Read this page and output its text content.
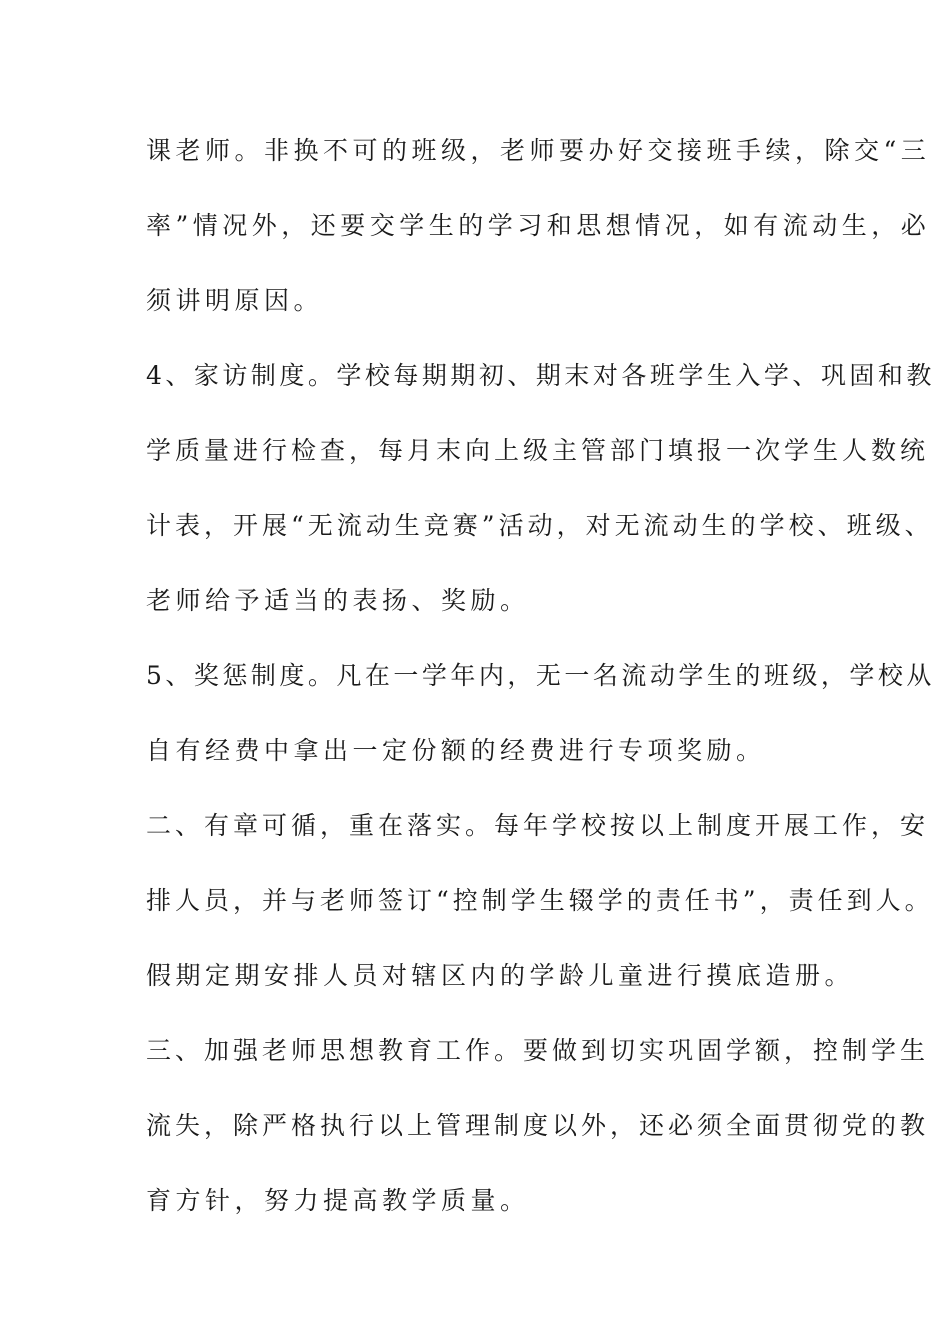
课老师。非换不可的班级，老师要办好交接班手续，除交“三
率”情况外，还要交学生的学习和思想情况，如有流动生，必
须讲明原因。
4、家访制度。学校每期期初、期末对各班学生入学、巩固和教
学质量进行检查，每月末向上级主管部门填报一次学生人数统
计表，开展“无流动生竞赛”活动，对无流动生的学校、班级、
老师给予适当的表扬、奖励。
5、奖惩制度。凡在一学年内，无一名流动学生的班级，学校从
自有经费中拿出一定份额的经费进行专项奖励。
二、有章可循，重在落实。每年学校按以上制度开展工作，安
排人员，并与老师签订“控制学生辍学的责任书”，责任到人。
假期定期安排人员对辖区内的学龄儿童进行摸底造册。
三、加强老师思想教育工作。要做到切实巩固学额，控制学生
流失，除严格执行以上管理制度以外，还必须全面贯彻党的教
育方针，努力提高教学质量。
